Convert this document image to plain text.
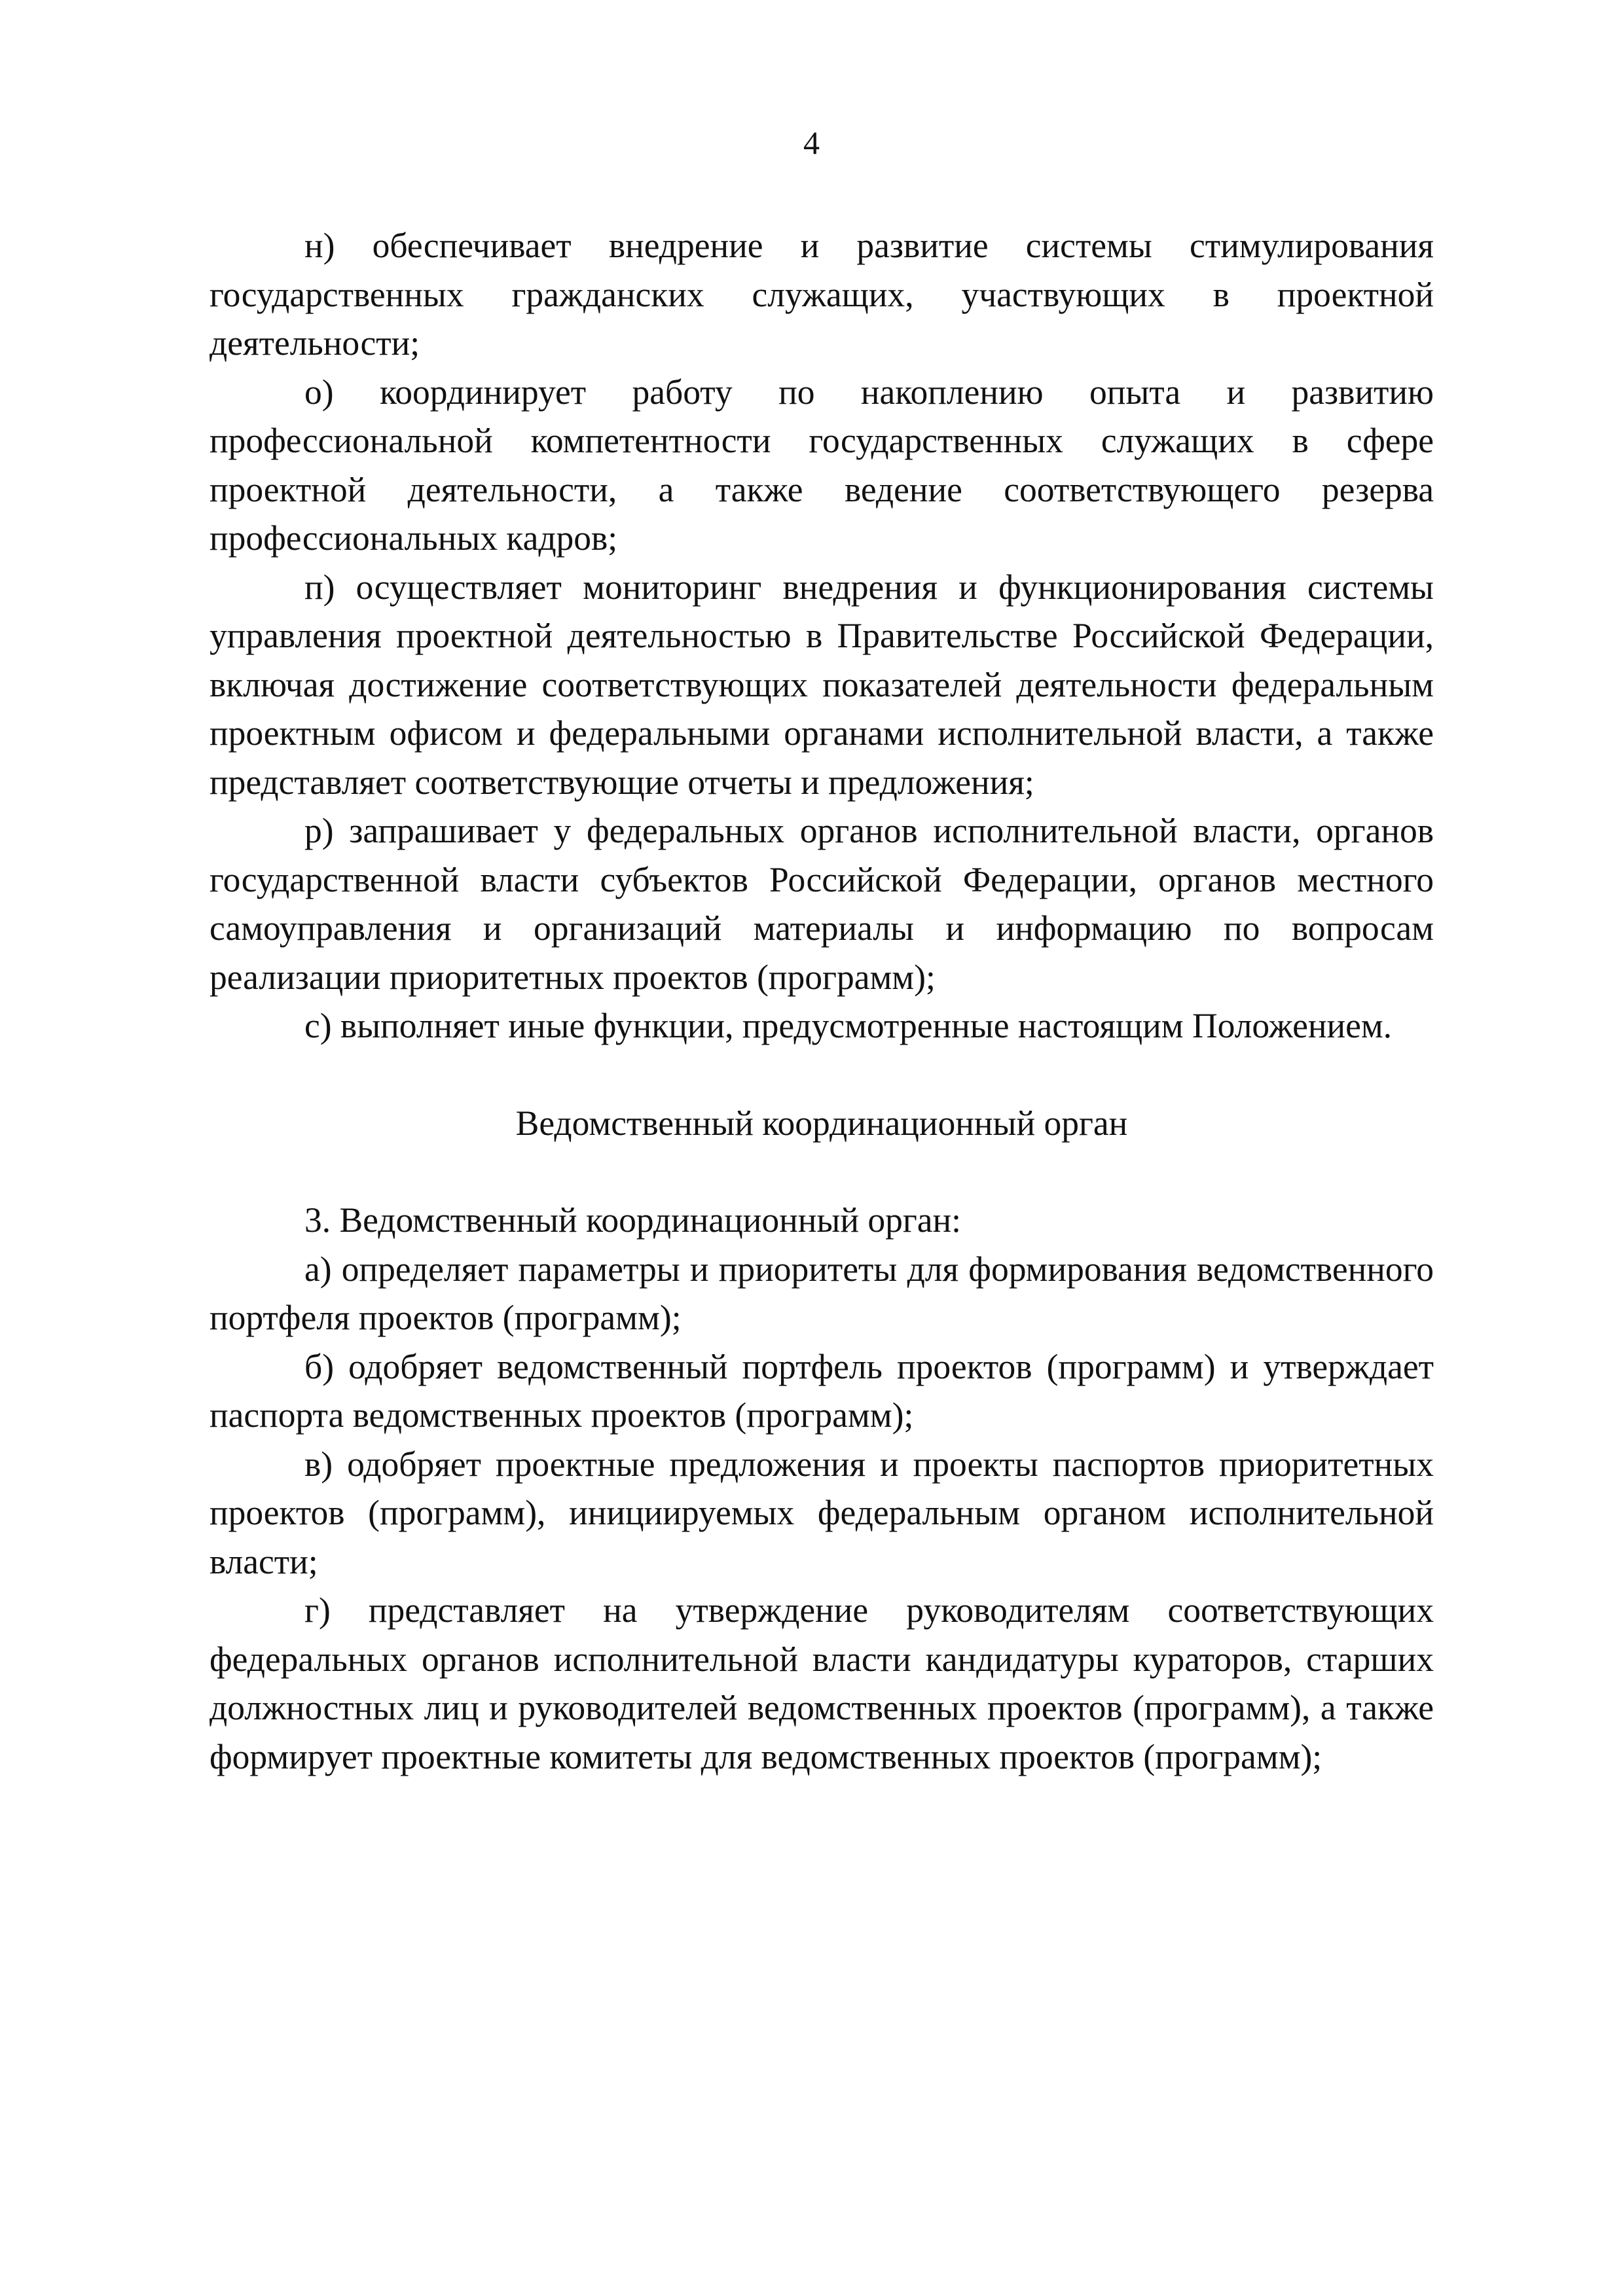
4

н) обеспечивает внедрение и развитие системы стимулирования государственных гражданских служащих, участвующих в проектной деятельности;

о) координирует работу по накоплению опыта и развитию профессиональной компетентности государственных служащих в сфере проектной деятельности, а также ведение соответствующего резерва профессиональных кадров;

п) осуществляет мониторинг внедрения и функционирования системы управления проектной деятельностью в Правительстве Российской Федерации, включая достижение соответствующих показателей деятельности федеральным проектным офисом и федеральными органами исполнительной власти, а также представляет соответствующие отчеты и предложения;

р) запрашивает у федеральных органов исполнительной власти, органов государственной власти субъектов Российской Федерации, органов местного самоуправления и организаций материалы и информацию по вопросам реализации приоритетных проектов (программ);

с) выполняет иные функции, предусмотренные настоящим Положением.

Ведомственный координационный орган

3. Ведомственный координационный орган:

а) определяет параметры и приоритеты для формирования ведомственного портфеля проектов (программ);

б) одобряет ведомственный портфель проектов (программ) и утверждает паспорта ведомственных проектов (программ);

в) одобряет проектные предложения и проекты паспортов приоритетных проектов (программ), инициируемых федеральным органом исполнительной власти;

г) представляет на утверждение руководителям соответствующих федеральных органов исполнительной власти кандидатуры кураторов, старших должностных лиц и руководителей ведомственных проектов (программ), а также формирует проектные комитеты для ведомственных проектов (программ);
